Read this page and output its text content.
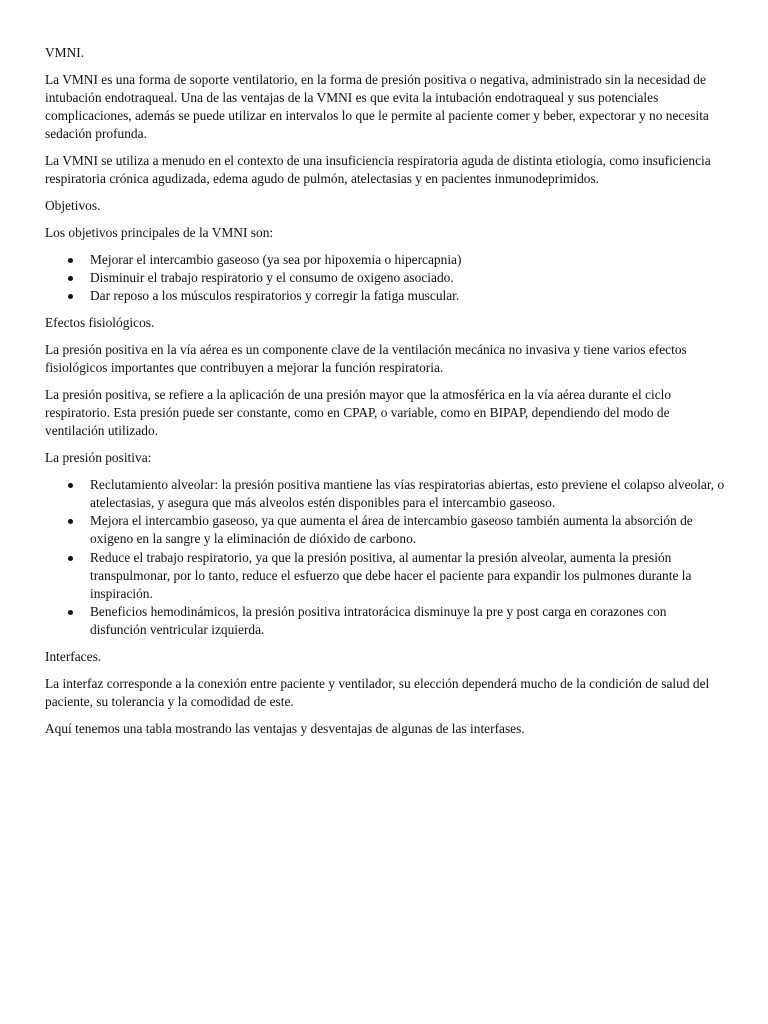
VMNI.

La VMNI es una forma de soporte ventilatorio, en la forma de presión positiva o negativa, administrado sin la necesidad de intubación endotraqueal. Una de las ventajas de la VMNI es que evita la intubación endotraqueal y sus potenciales complicaciones, además se puede utilizar en intervalos lo que le permite al paciente comer y beber, expectorar y no necesita sedación profunda.

La VMNI se utiliza a menudo en el contexto de una insuficiencia respiratoria aguda de distinta etiología, como insuficiencia respiratoria crónica agudizada, edema agudo de pulmón, atelectasias y en pacientes inmunodeprimidos.

Objetivos.

Los objetivos principales de la VMNI son:

Mejorar el intercambio gaseoso (ya sea por hipoxemia o hipercapnia)
Disminuir el trabajo respiratorio y el consumo de oxigeno asociado.
Dar reposo a los músculos respiratorios y corregir la fatiga muscular.

Efectos fisiológicos.

La presión positiva en la vía aérea es un componente clave de la ventilación mecánica no invasiva y tiene varios efectos fisiológicos importantes que contribuyen a mejorar la función respiratoria.

La presión positiva, se refiere a la aplicación de una presión mayor que la atmosférica en la vía aérea durante el ciclo respiratorio. Esta presión puede ser constante, como en CPAP, o variable, como en BIPAP, dependiendo del modo de ventilación utilizado.

La presión positiva:

Reclutamiento alveolar: la presión positiva mantiene las vías respiratorias abiertas, esto previene el colapso alveolar, o atelectasias, y asegura que más alveolos estén disponibles para el intercambio gaseoso.
Mejora el intercambio gaseoso, ya que aumenta el área de intercambio gaseoso también aumenta la absorción de oxigeno en la sangre y la eliminación de dióxido de carbono.
Reduce el trabajo respiratorio, ya que la presión positiva, al aumentar la presión alveolar, aumenta la presión transpulmonar, por lo tanto, reduce el esfuerzo que debe hacer el paciente para expandir los pulmones durante la inspiración.
Beneficios hemodinámicos, la presión positiva intratorácica disminuye la pre y post carga en corazones con disfunción ventricular izquierda.

Interfaces.

La interfaz corresponde a la conexión entre paciente y ventilador, su elección dependerá mucho de la condición de salud del paciente, su tolerancia y la comodidad de este.

Aquí tenemos una tabla mostrando las ventajas y desventajas de algunas de las interfases.
